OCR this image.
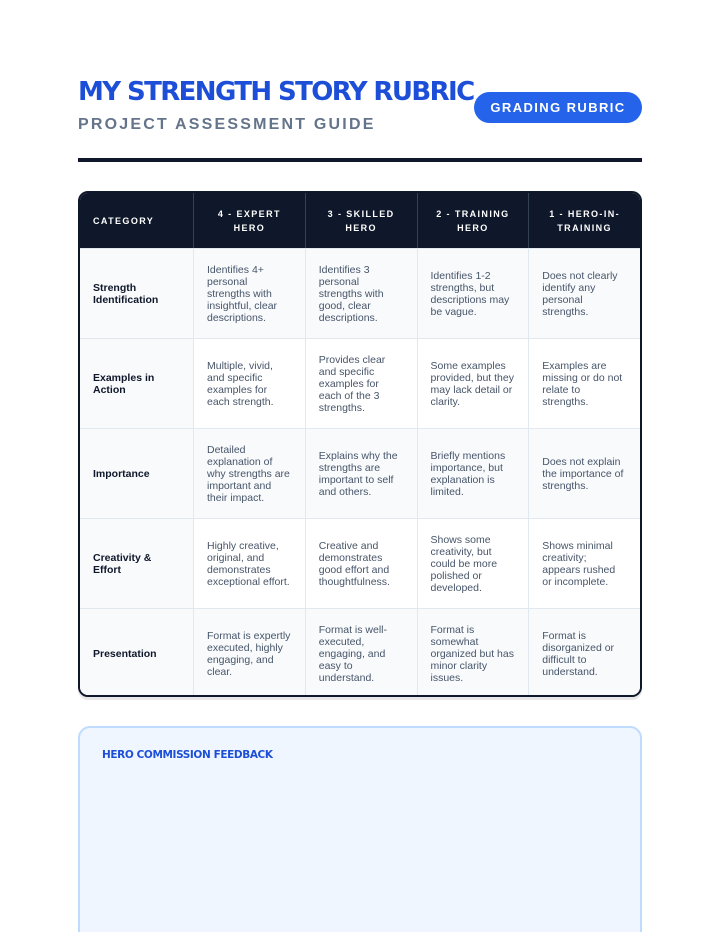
MY STRENGTH STORY RUBRIC
PROJECT ASSESSMENT GUIDE
GRADING RUBRIC
CATEGORY
4 - EXPERT HERO
3 - SKILLED HERO
2 - TRAINING HERO
1 - HERO-IN-TRAINING
Strength Identification
Identifies 4+ personal strengths with insightful, clear descriptions.
Identifies 3 personal strengths with good, clear descriptions.
Identifies 1-2 strengths, but descriptions may be vague.
Does not clearly identify any personal strengths.
Examples in Action
Multiple, vivid, and specific examples for each strength.
Provides clear and specific examples for each of the 3 strengths.
Some examples provided, but they may lack detail or clarity.
Examples are missing or do not relate to strengths.
Importance
Detailed explanation of why strengths are important and their impact.
Explains why the strengths are important to self and others.
Briefly mentions importance, but explanation is limited.
Does not explain the importance of strengths.
Creativity & Effort
Highly creative, original, and demonstrates exceptional effort.
Creative and demonstrates good effort and thoughtfulness.
Shows some creativity, but could be more polished or developed.
Shows minimal creativity; appears rushed or incomplete.
Presentation
Format is expertly executed, highly engaging, and clear.
Format is well-executed, engaging, and easy to understand.
Format is somewhat organized but has minor clarity issues.
Format is disorganized or difficult to understand.
HERO COMMISSION FEEDBACK
